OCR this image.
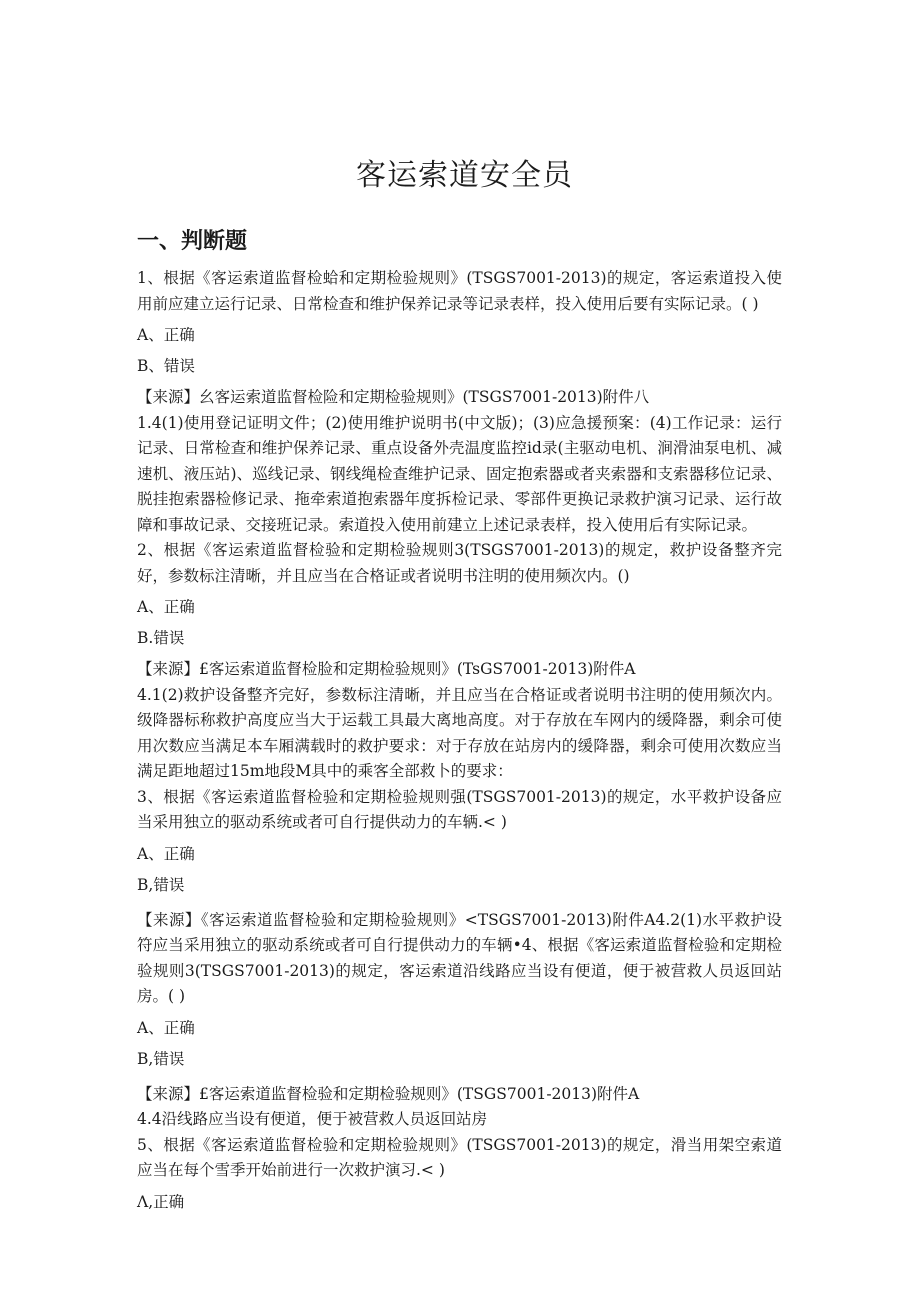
客运索道安全员
一、判断题

1、根据《客运索道监督检蛤和定期检验规则》(TSGS7001-2013)的规定，客运索道投入使用前应建立运行记录、日常检查和维护保养记录等记录表样，投入使用后要有实际记录。( )

A、正确

B、错误

【来源】幺客运索道监督检险和定期检验规则》(TSGS7001-2013)附件八

1.4(1)使用登记证明文件；(2)使用维护说明书(中文版)；(3)应急援预案：(4)工作记录：运行记录、日常检查和维护保养记录、重点设备外壳温度监控id录(主驱动电机、涧滑油泵电机、减速机、液压站)、巡线记录、钢线绳检查维护记录、固定抱索器或者夹索器和支索器移位记录、脱挂抱索器检修记录、拖牵索道抱索器年度拆检记录、零部件更换记录救护演习记录、运行故障和事故记录、交接班记录。索道投入使用前建立上述记录表样，投入使用后有实际记录。

2、根据《客运索道监督检验和定期检验规则3(TSGS7001-2013)的规定，救护设备整齐完好，参数标注清晰，并且应当在合格证或者说明书注明的使用频次内。()

A、正确

B.错误

【来源】£客运索道监督检脸和定期检验规则》(TsGS7001-2013)附件A

4.1(2)救护设备整齐完好，参数标注清晰，并且应当在合格证或者说明书注明的使用频次内。级降器标称救护高度应当大于运载工具最大离地高度。对于存放在车网内的缓降器，剩余可使用次数应当满足本车厢满载时的救护要求：对于存放在站房内的缓降器，剩余可使用次数应当满足距地超过15m地段M具中的乘客全部救卜的要求：

3、根据《客运索道监督检验和定期检验规则强(TSGS7001-2013)的规定，水平救护设备应当采用独立的驱动系统或者可自行提供动力的车辆.< )

A、正确

B,错误

【来源】《客运索道监督检验和定期检验规则》<TSGS7001-2013)附件A4.2(1)水平救护设符应当采用独立的驱动系统或者可自行提供动力的车辆•4、根据《客运索道监督检验和定期检验规则3(TSGS7001-2013)的规定，客运索道沿线路应当设有便道，便于被营救人员返回站房。( )

A、正确

B,错误

【来源】£客运索道监督检验和定期检验规则》(TSGS7001-2013)附件A

4.4沿线路应当设有便道，便于被营救人员返回站房

5、根据《客运索道监督检验和定期检验规则》(TSGS7001-2013)的规定，滑当用架空索道应当在每个雪季开始前进行一次救护演习.< )

Λ,正确
